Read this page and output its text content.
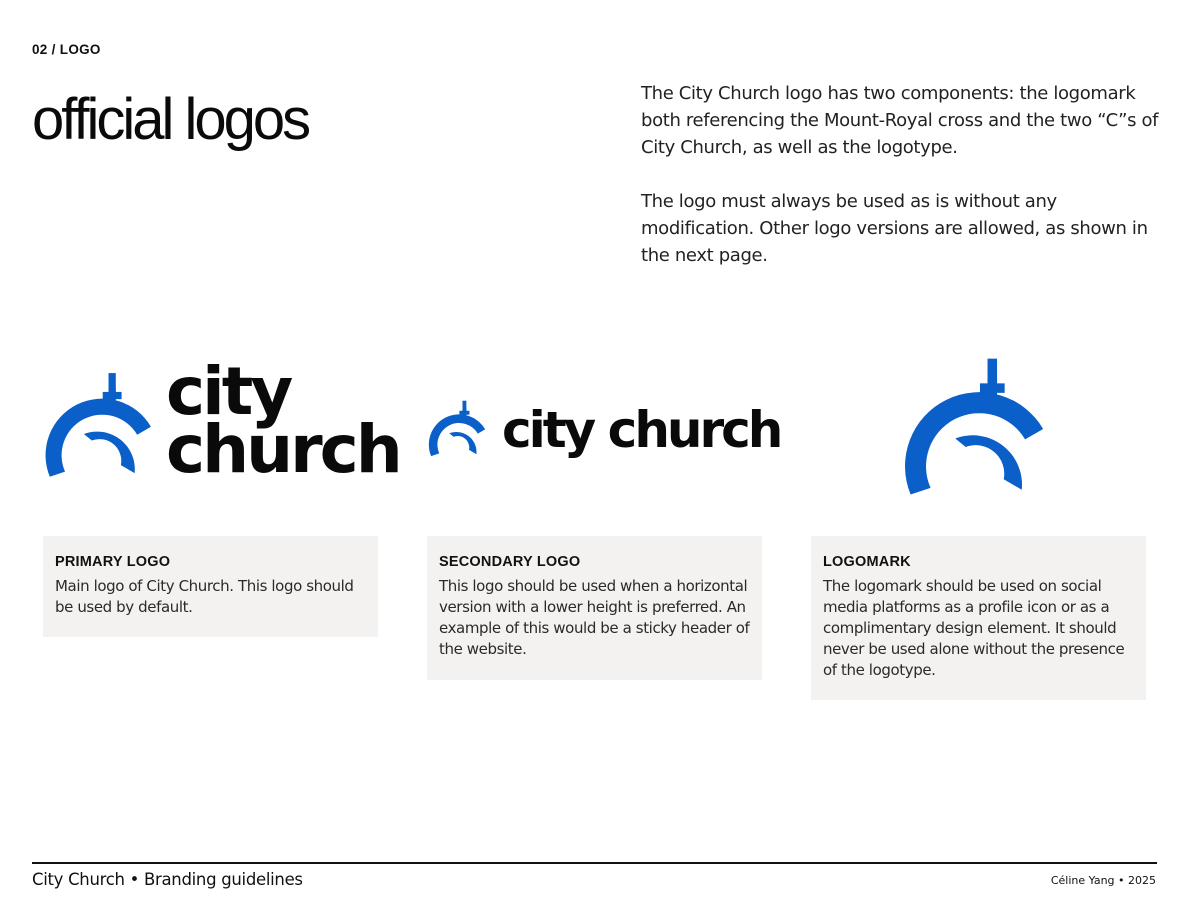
02 / LOGO
official logos	The City Church logo has two components: the logomark both referencing the Mount-Royal cross and the two “C”s of City Church, as well as the logotype.

The logo must always be used as is without any modification. Other logo versions are allowed, as shown in the next page.

city
church city church
PRIMARY LOGO
Main logo of City Church. This logo should be used by default.
SECONDARY LOGO
This logo should be used when a horizontal version with a lower height is preferred. An example of this would be a sticky header of the website.
LOGOMARK
The logomark should be used on social media platforms as a profile icon or as a complimentary design element. It should never be used alone without the presence of the logotype.
City Church • Branding guidelines	Céline Yang • 2025
